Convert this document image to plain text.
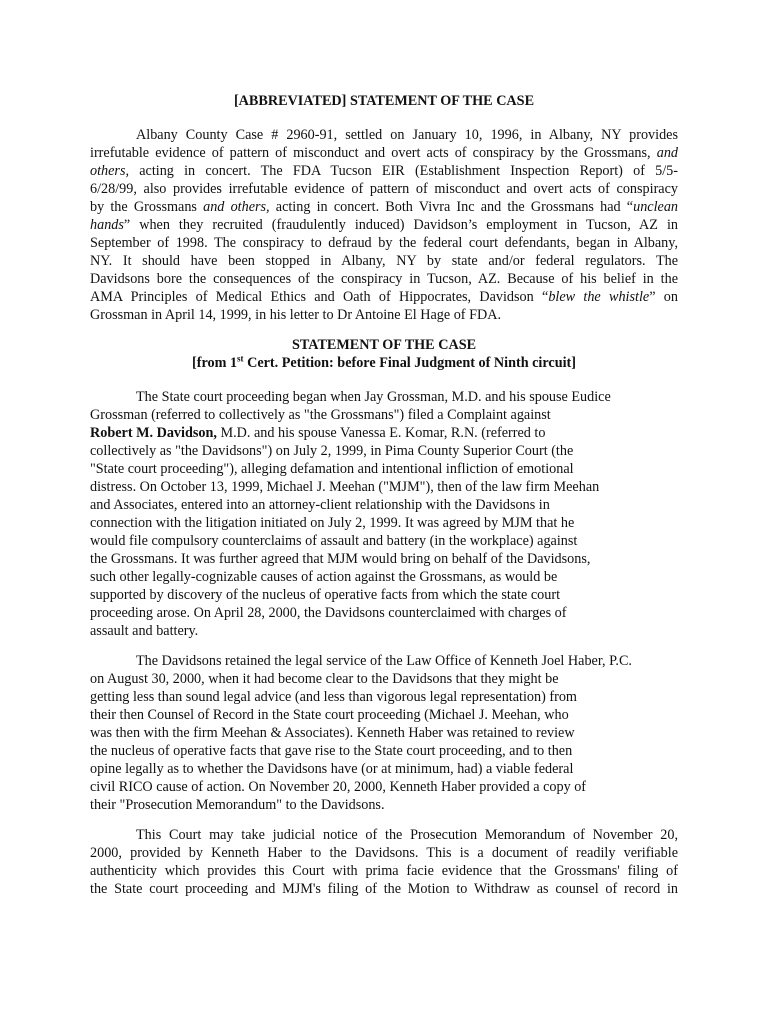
[ABBREVIATED] STATEMENT OF THE CASE
Albany County Case # 2960-91, settled on January 10, 1996, in Albany, NY provides
irrefutable evidence of pattern of misconduct and overt acts of conspiracy by the Grossmans, and
others, acting in concert. The FDA Tucson EIR (Establishment Inspection Report) of 5/5-
6/28/99, also provides irrefutable evidence of pattern of misconduct and overt acts of conspiracy
by the Grossmans and others, acting in concert. Both Vivra Inc and the Grossmans had “unclean
hands” when they recruited (fraudulently induced) Davidson’s employment in Tucson, AZ in
September of 1998. The conspiracy to defraud by the federal court defendants, began in Albany,
NY. It should have been stopped in Albany, NY by state and/or federal regulators. The
Davidsons bore the consequences of the conspiracy in Tucson, AZ. Because of his belief in the
AMA Principles of Medical Ethics and Oath of Hippocrates, Davidson “blew the whistle” on
Grossman in April 14, 1999, in his letter to Dr Antoine El Hage of FDA.
STATEMENT OF THE CASE
[from 1st Cert. Petition: before Final Judgment of Ninth circuit]
The State court proceeding began when Jay Grossman, M.D. and his spouse Eudice
Grossman (referred to collectively as "the Grossmans") filed a Complaint against
Robert M. Davidson, M.D. and his spouse Vanessa E. Komar, R.N. (referred to
collectively as "the Davidsons") on July 2, 1999, in Pima County Superior Court (the
"State court proceeding"), alleging defamation and intentional infliction of emotional
distress. On October 13, 1999, Michael J. Meehan ("MJM"), then of the law firm Meehan
and Associates, entered into an attorney-client relationship with the Davidsons in
connection with the litigation initiated on July 2, 1999. It was agreed by MJM that he
would file compulsory counterclaims of assault and battery (in the workplace) against
the Grossmans. It was further agreed that MJM would bring on behalf of the Davidsons,
such other legally-cognizable causes of action against the Grossmans, as would be
supported by discovery of the nucleus of operative facts from which the state court
proceeding arose. On April 28, 2000, the Davidsons counterclaimed with charges of
assault and battery.
The Davidsons retained the legal service of the Law Office of Kenneth Joel Haber, P.C.
on August 30, 2000, when it had become clear to the Davidsons that they might be
getting less than sound legal advice (and less than vigorous legal representation) from
their then Counsel of Record in the State court proceeding (Michael J. Meehan, who
was then with the firm Meehan & Associates). Kenneth Haber was retained to review
the nucleus of operative facts that gave rise to the State court proceeding, and to then
opine legally as to whether the Davidsons have (or at minimum, had) a viable federal
civil RICO cause of action. On November 20, 2000, Kenneth Haber provided a copy of
their "Prosecution Memorandum" to the Davidsons.
This Court may take judicial notice of the Prosecution Memorandum of November 20,
2000, provided by Kenneth Haber to the Davidsons. This is a document of readily verifiable
authenticity which provides this Court with prima facie evidence that the Grossmans' filing of
the State court proceeding and MJM's filing of the Motion to Withdraw as counsel of record in
